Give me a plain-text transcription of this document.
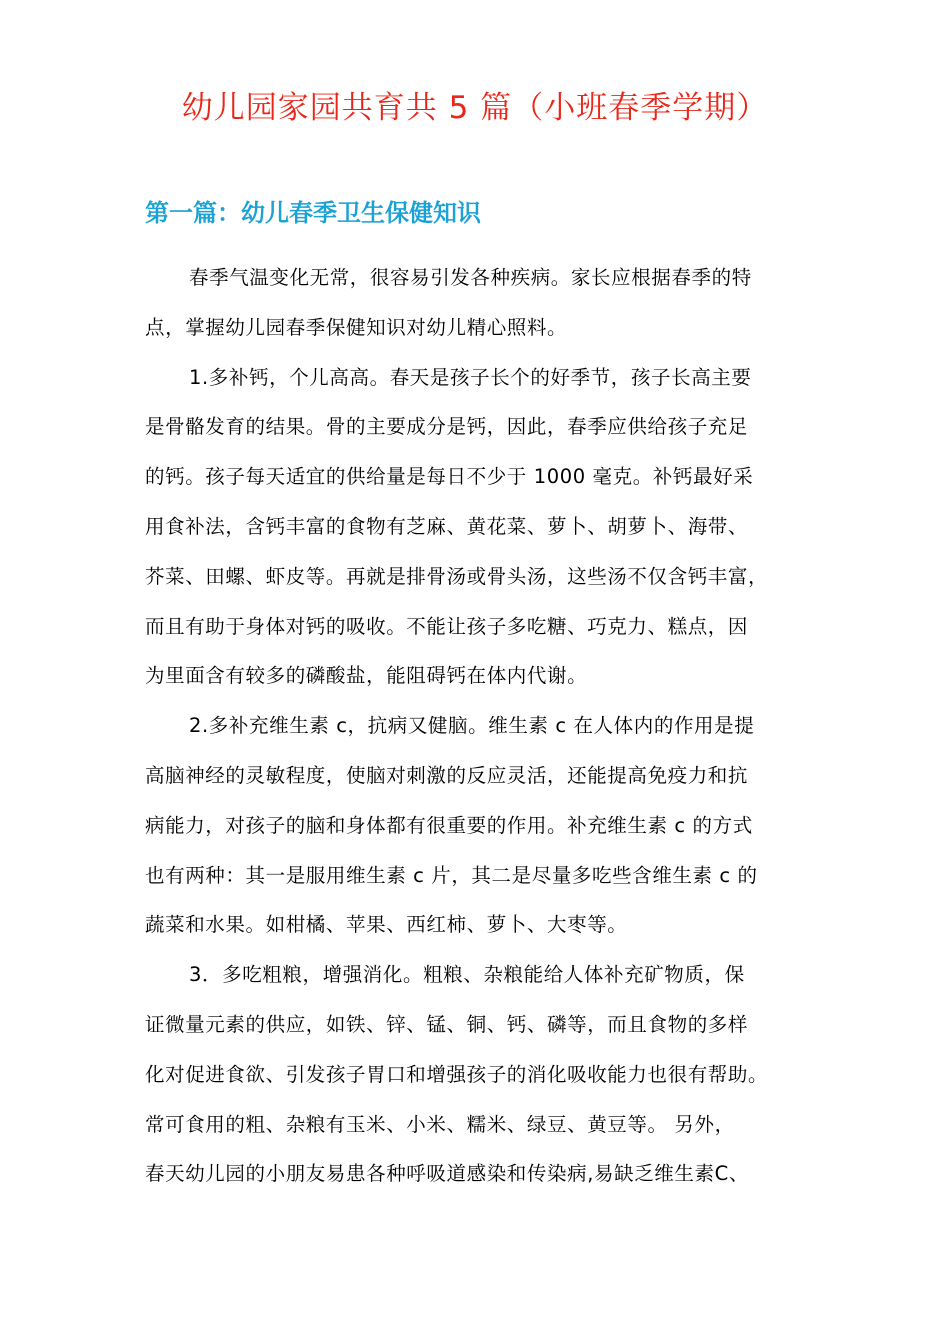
幼儿园家园共育共 5 篇（小班春季学期）
第一篇：幼儿春季卫生保健知识

春季气温变化无常，很容易引发各种疾病。家长应根据春季的特
点，掌握幼儿园春季保健知识对幼儿精心照料。

1.多补钙，个儿高高。春天是孩子长个的好季节，孩子长高主要
是骨骼发育的结果。骨的主要成分是钙，因此，春季应供给孩子充足
的钙。孩子每天适宜的供给量是每日不少于 1000 毫克。补钙最好采
用食补法，含钙丰富的食物有芝麻、黄花菜、萝卜、胡萝卜、海带、
芥菜、田螺、虾皮等。再就是排骨汤或骨头汤，这些汤不仅含钙丰富，
而且有助于身体对钙的吸收。不能让孩子多吃糖、巧克力、糕点，因
为里面含有较多的磷酸盐，能阻碍钙在体内代谢。

2.多补充维生素 c，抗病又健脑。维生素 c 在人体内的作用是提
高脑神经的灵敏程度，使脑对刺激的反应灵活，还能提高免疫力和抗
病能力，对孩子的脑和身体都有很重要的作用。补充维生素 c 的方式
也有两种：其一是服用维生素 c 片，其二是尽量多吃些含维生素 c 的
蔬菜和水果。如柑橘、苹果、西红柿、萝卜、大枣等。

3．多吃粗粮，增强消化。粗粮、杂粮能给人体补充矿物质，保
证微量元素的供应，如铁、锌、锰、铜、钙、磷等，而且食物的多样
化对促进食欲、引发孩子胃口和增强孩子的消化吸收能力也很有帮助。
常可食用的粗、杂粮有玉米、小米、糯米、绿豆、黄豆等。 另外，
春天幼儿园的小朋友易患各种呼吸道感染和传染病,易缺乏维生素C、
